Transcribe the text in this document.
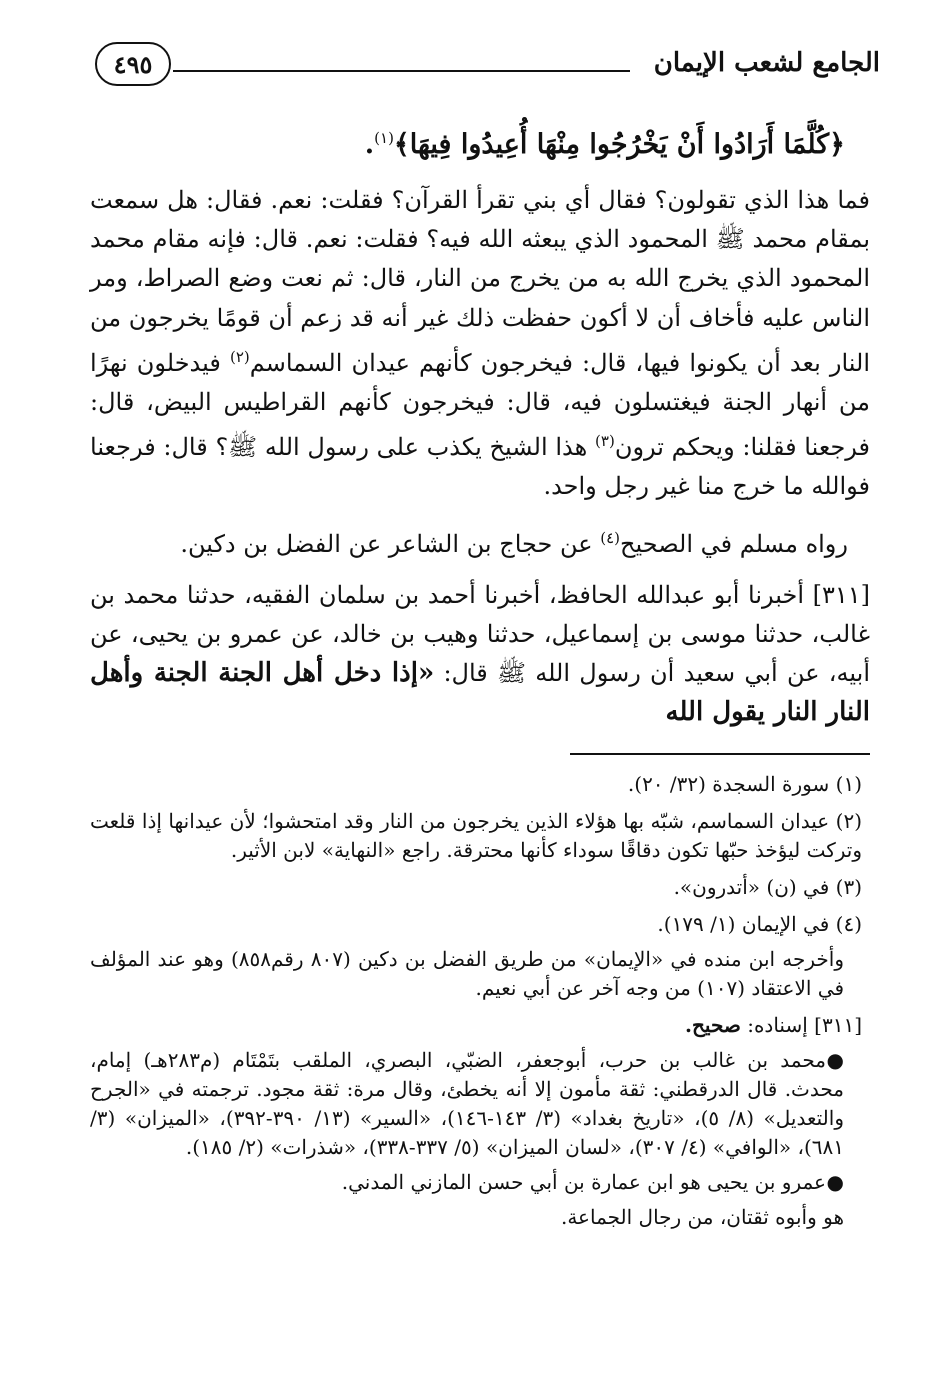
الجامع لشعب الإيمان
٤٩٥
﴿كُلَّمَا أَرَادُوا أَنْ يَخْرُجُوا مِنْهَا أُعِيدُوا فِيهَا﴾$^{(١)}$.

فما هذا الذي تقولون؟ فقال أي بني تقرأ القرآن؟ فقلت: نعم. فقال: هل سمعت بمقام محمد ﷺ المحمود الذي يبعثه الله فيه؟ فقلت: نعم. قال: فإنه مقام محمد المحمود الذي يخرج الله به من يخرج من النار، قال: ثم نعت وضع الصراط، ومر الناس عليه فأخاف أن لا أكون حفظت ذلك غير أنه قد زعم أن قومًا يخرجون من النار بعد أن يكونوا فيها، قال: فيخرجون كأنهم عيدان السماسم$^{(٢)}$ فيدخلون نهرًا من أنهار الجنة فيغتسلون فيه، قال: فيخرجون كأنهم القراطيس البيض، قال: فرجعنا فقلنا: ويحكم ترون$^{(٣)}$ هذا الشيخ يكذب على رسول الله ﷺ؟ قال: فرجعنا فوالله ما خرج منا غير رجل واحد.

رواه مسلم في الصحيح$^{(٤)}$ عن حجاج بن الشاعر عن الفضل بن دكين.

[٣١١] أخبرنا أبو عبدالله الحافظ، أخبرنا أحمد بن سلمان الفقيه، حدثنا محمد بن غالب، حدثنا موسى بن إسماعيل، حدثنا وهيب بن خالد، عن عمرو بن يحيى، عن أبيه، عن أبي سعيد أن رسول الله ﷺ قال: «إذا دخل أهل الجنة الجنة وأهل النار النار يقول الله

(١) سورة السجدة (٣٢/ ٢٠).

(٢) عيدان السماسم، شبّه بها هؤلاء الذين يخرجون من النار وقد امتحشوا؛ لأن عيدانها إذا قلعت وتركت ليؤخذ حبّها تكون دقاقًا سوداء كأنها محترقة. راجع «النهاية» لابن الأثير.

(٣) في (ن) «أتدرون».

(٤) في الإيمان (١/ ١٧٩).

وأخرجه ابن منده في «الإيمان» من طريق الفضل بن دكين (٨٠٧ رقم٨٥٨) وهو عند المؤلف في الاعتقاد (١٠٧) من وجه آخر عن أبي نعيم.

[٣١١] إسناده: صحيح.

●محمد بن غالب بن حرب، أبوجعفر، الضبّي، البصري، الملقب بتَمْتَام (م٢٨٣هـ) إمام، محدث. قال الدرقطني: ثقة مأمون إلا أنه يخطئ، وقال مرة: ثقة مجود. ترجمته في «الجرح والتعديل» (٨/ ٥)، «تاريخ بغداد» (٣/ ١٤٣-١٤٦)، «السير» (١٣/ ٣٩٠-٣٩٢)، «الميزان» (٣/ ٦٨١)، «الوافي» (٤/ ٣٠٧)، «لسان الميزان» (٥/ ٣٣٧-٣٣٨)، «شذرات» (٢/ ١٨٥).

●عمرو بن يحيى هو ابن عمارة بن أبي حسن المازني المدني.

هو وأبوه ثقتان، من رجال الجماعة.
